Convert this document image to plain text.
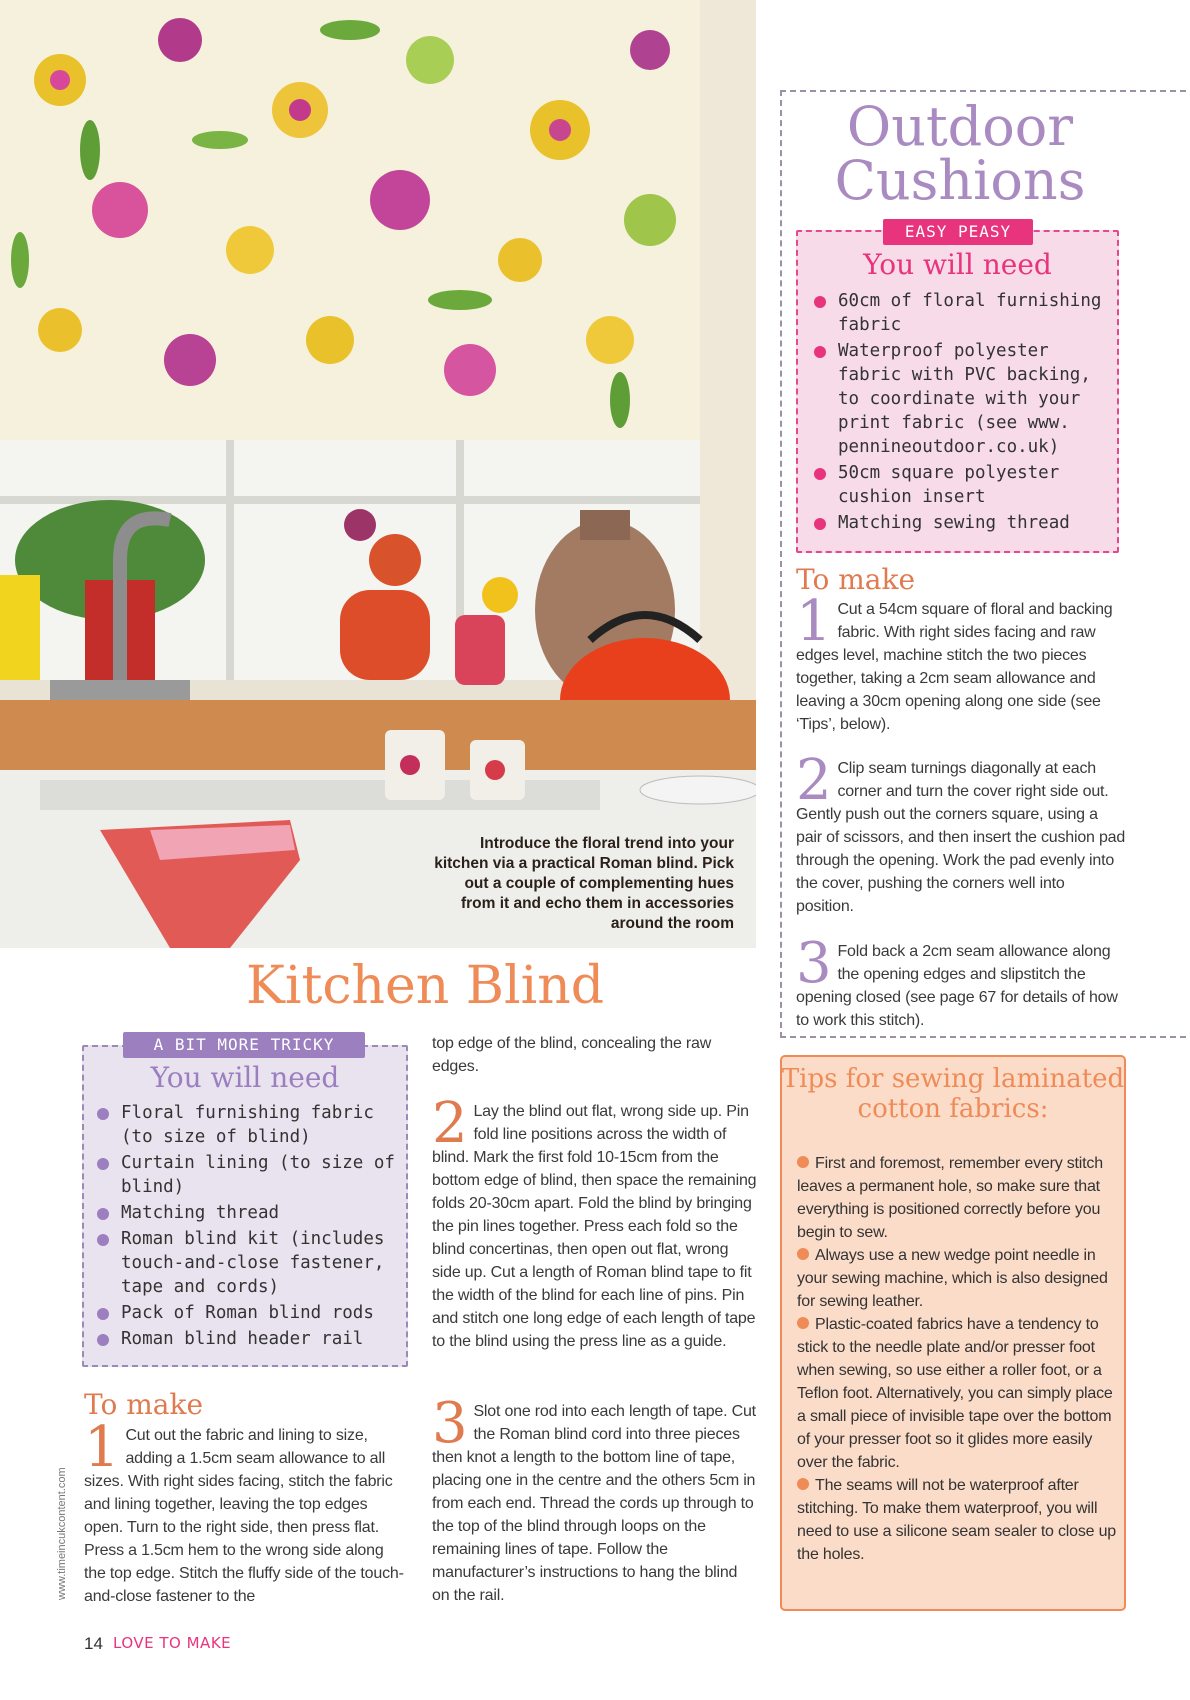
Introduce the floral trend into your kitchen via a practical Roman blind. Pick out a couple of complementing hues from it and echo them in accessories around the room
Outdoor
Cushions
EASY PEASY
You will need
60cm of floral furnishing fabric
Waterproof polyester fabric with PVC backing, to coordinate with your print fabric (see www. pennineoutdoor.co.uk)
50cm square polyester cushion insert
Matching sewing thread
To make
1 Cut a 54cm square of floral and backing fabric. With right sides facing and raw edges level, machine stitch the two pieces together, taking a 2cm seam allowance and leaving a 30cm opening along one side (see ‘Tips’, below).
2 Clip seam turnings diagonally at each corner and turn the cover right side out. Gently push out the corners square, using a pair of scissors, and then insert the cushion pad through the opening. Work the pad evenly into the cover, pushing the corners well into position.
3 Fold back a 2cm seam allowance along the opening edges and slipstitch the opening closed (see page 67 for details of how to work this stitch).
Tips for sewing laminated cotton fabrics:
First and foremost, remember every stitch leaves a permanent hole, so make sure that everything is positioned correctly before you begin to sew.
Always use a new wedge point needle in your sewing machine, which is also designed for sewing leather.
Plastic-coated fabrics have a tendency to stick to the needle plate and/or presser foot when sewing, so use either a roller foot, or a Teflon foot. Alternatively, you can simply place a small piece of invisible tape over the bottom of your presser foot so it glides more easily over the fabric.
The seams will not be waterproof after stitching. To make them waterproof, you will need to use a silicone seam sealer to close up the holes.
Kitchen Blind
A BIT MORE TRICKY
You will need
Floral furnishing fabric (to size of blind)
Curtain lining (to size of blind)
Matching thread
Roman blind kit (includes touch-and-close fastener, tape and cords)
Pack of Roman blind rods
Roman blind header rail
To make
1 Cut out the fabric and lining to size, adding a 1.5cm seam allowance to all sizes. With right sides facing, stitch the fabric and lining together, leaving the top edges open. Turn to the right side, then press flat. Press a 1.5cm hem to the wrong side along the top edge. Stitch the fluffy side of the touch-and-close fastener to the
top edge of the blind, concealing the raw edges.
2 Lay the blind out flat, wrong side up. Pin fold line positions across the width of blind. Mark the first fold 10-15cm from the bottom edge of blind, then space the remaining folds 20-30cm apart. Fold the blind by bringing the pin lines together. Press each fold so the blind concertinas, then open out flat, wrong side up. Cut a length of Roman blind tape to fit the width of the blind for each line of pins. Pin and stitch one long edge of each length of tape to the blind using the press line as a guide.
3 Slot one rod into each length of tape. Cut the Roman blind cord into three pieces then knot a length to the bottom line of tape, placing one in the centre and the others 5cm in from each end. Thread the cords up through to the top of the blind through loops on the remaining lines of tape. Follow the manufacturer’s instructions to hang the blind on the rail.
www.timeincukcontent.com
14 LOVE TO MAKE
